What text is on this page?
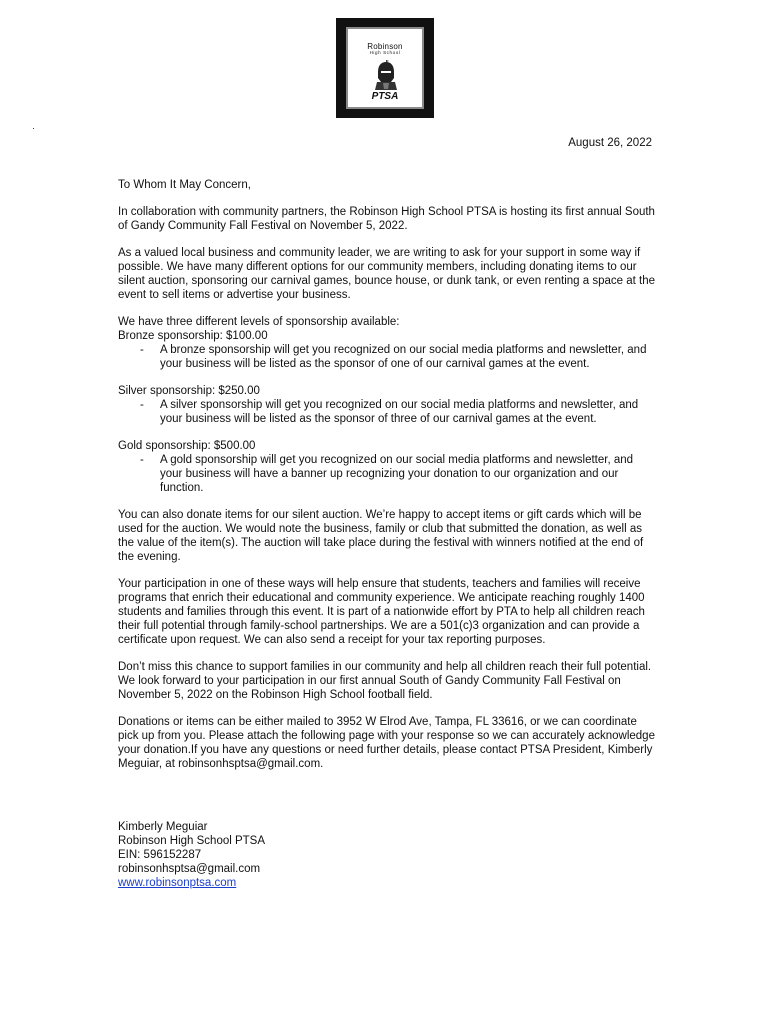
Robinson
High School
PTSA
·
August 26, 2022

To Whom It May Concern,

In collaboration with community partners, the Robinson High School PTSA is hosting its first annual South of Gandy Community Fall Festival on November 5, 2022.

As a valued local business and community leader, we are writing to ask for your support in some way if possible. We have many different options for our community members, including donating items to our silent auction, sponsoring our carnival games, bounce house, or dunk tank, or even renting a space at the event to sell items or advertise your business.

We have three different levels of sponsorship available:
Bronze sponsorship: $100.00
- A bronze sponsorship will get you recognized on our social media platforms and newsletter, and your business will be listed as the sponsor of one of our carnival games at the event.
Silver sponsorship: $250.00
- A silver sponsorship will get you recognized on our social media platforms and newsletter, and your business will be listed as the sponsor of three of our carnival games at the event.
Gold sponsorship: $500.00
- A gold sponsorship will get you recognized on our social media platforms and newsletter, and your business will have a banner up recognizing your donation to our organization and our function.

You can also donate items for our silent auction. We’re happy to accept items or gift cards which will be used for the auction. We would note the business, family or club that submitted the donation, as well as the value of the item(s). The auction will take place during the festival with winners notified at the end of the evening.

Your participation in one of these ways will help ensure that students, teachers and families will receive programs that enrich their educational and community experience. We anticipate reaching roughly 1400 students and families through this event. It is part of a nationwide effort by PTA to help all children reach their full potential through family-school partnerships. We are a 501(c)3 organization and can provide a certificate upon request. We can also send a receipt for your tax reporting purposes.

Don’t miss this chance to support families in our community and help all children reach their full potential. We look forward to your participation in our first annual South of Gandy Community Fall Festival on November 5, 2022 on the Robinson High School football field.

Donations or items can be either mailed to 3952 W Elrod Ave, Tampa, FL 33616, or we can coordinate pick up from you. Please attach the following page with your response so we can accurately acknowledge your donation.If you have any questions or need further details, please contact PTSA President, Kimberly Meguiar, at robinsonhsptsa@gmail.com.

Kimberly Meguiar
Robinson High School PTSA
EIN: 596152287
robinsonhsptsa@gmail.com
www.robinsonptsa.com
